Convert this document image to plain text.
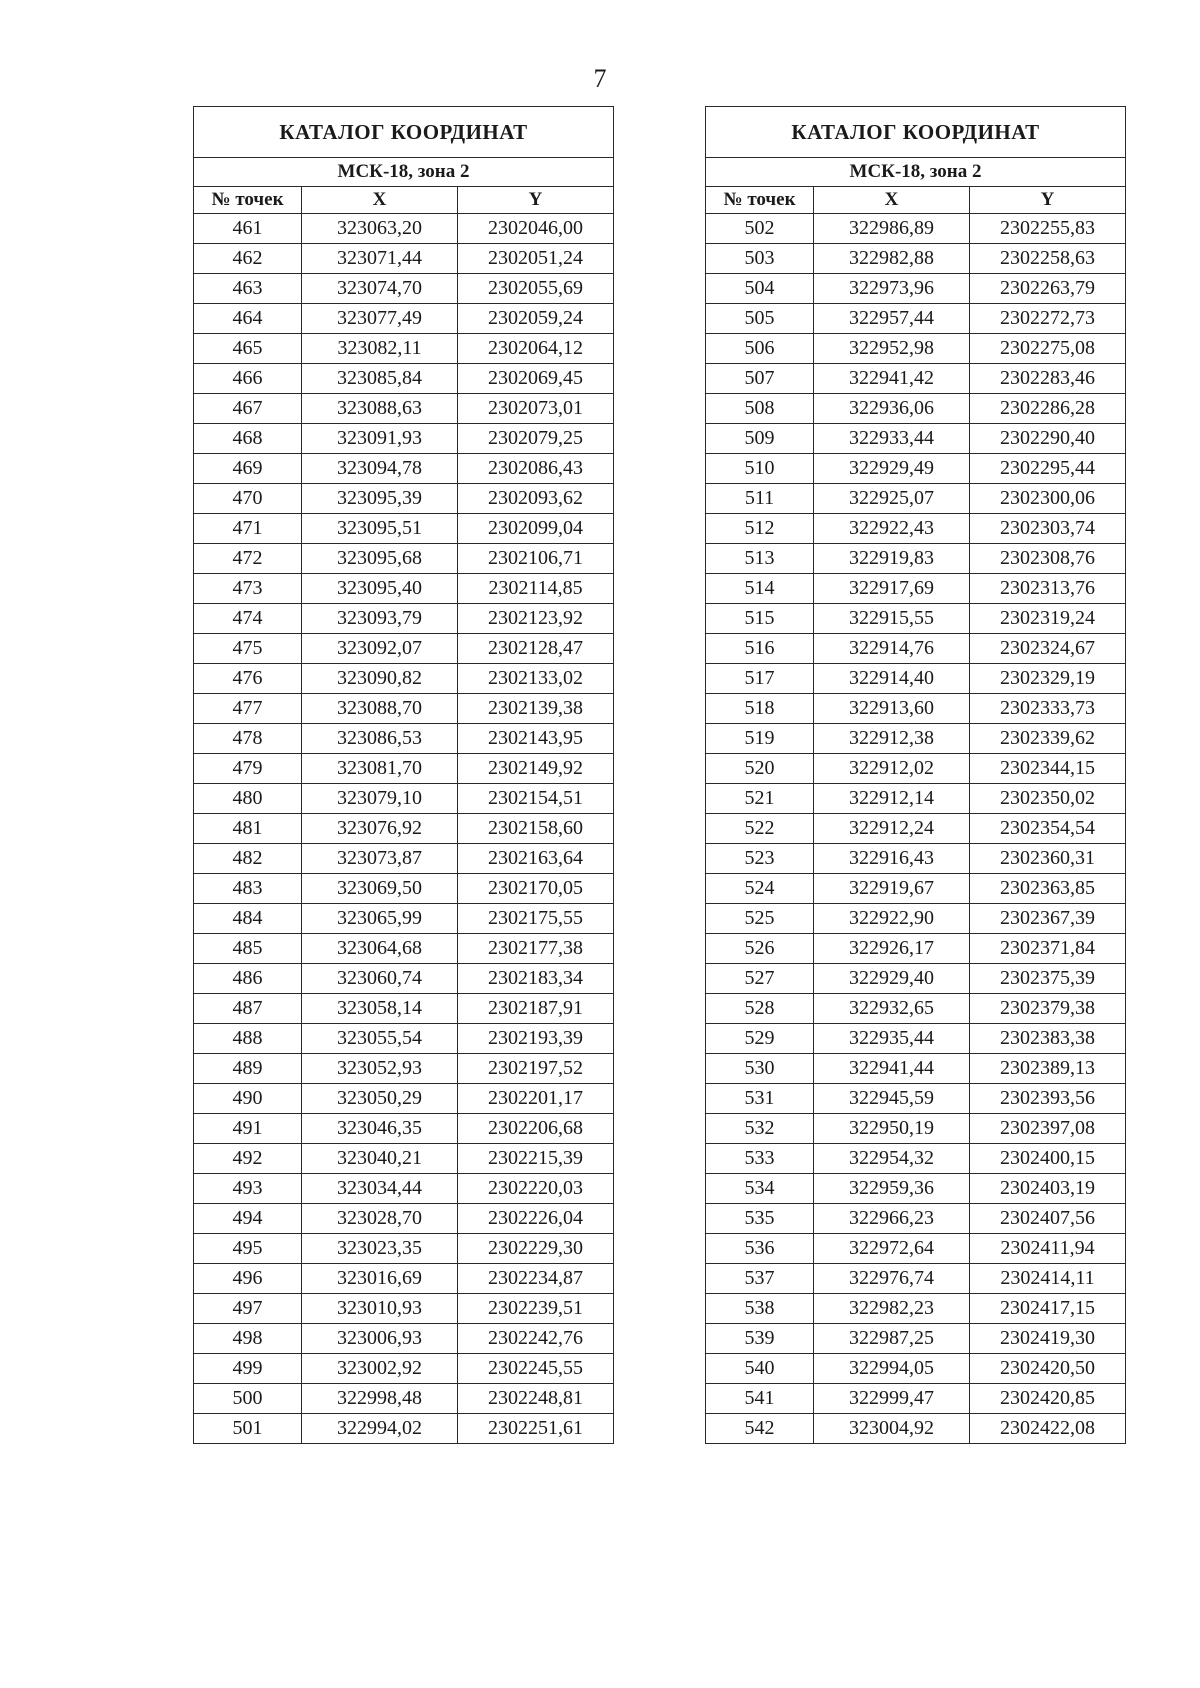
7
КАТАЛОГ КООРДИНАТ		
МСК-18, зона 2		
№ точек	X	Y
461	323063,20	2302046,00
462	323071,44	2302051,24
463	323074,70	2302055,69
464	323077,49	2302059,24
465	323082,11	2302064,12
466	323085,84	2302069,45
467	323088,63	2302073,01
468	323091,93	2302079,25
469	323094,78	2302086,43
470	323095,39	2302093,62
471	323095,51	2302099,04
472	323095,68	2302106,71
473	323095,40	2302114,85
474	323093,79	2302123,92
475	323092,07	2302128,47
476	323090,82	2302133,02
477	323088,70	2302139,38
478	323086,53	2302143,95
479	323081,70	2302149,92
480	323079,10	2302154,51
481	323076,92	2302158,60
482	323073,87	2302163,64
483	323069,50	2302170,05
484	323065,99	2302175,55
485	323064,68	2302177,38
486	323060,74	2302183,34
487	323058,14	2302187,91
488	323055,54	2302193,39
489	323052,93	2302197,52
490	323050,29	2302201,17
491	323046,35	2302206,68
492	323040,21	2302215,39
493	323034,44	2302220,03
494	323028,70	2302226,04
495	323023,35	2302229,30
496	323016,69	2302234,87
497	323010,93	2302239,51
498	323006,93	2302242,76
499	323002,92	2302245,55
500	322998,48	2302248,81
501	322994,02	2302251,61
КАТАЛОГ КООРДИНАТ		
МСК-18, зона 2		
№ точек	X	Y
502	322986,89	2302255,83
503	322982,88	2302258,63
504	322973,96	2302263,79
505	322957,44	2302272,73
506	322952,98	2302275,08
507	322941,42	2302283,46
508	322936,06	2302286,28
509	322933,44	2302290,40
510	322929,49	2302295,44
511	322925,07	2302300,06
512	322922,43	2302303,74
513	322919,83	2302308,76
514	322917,69	2302313,76
515	322915,55	2302319,24
516	322914,76	2302324,67
517	322914,40	2302329,19
518	322913,60	2302333,73
519	322912,38	2302339,62
520	322912,02	2302344,15
521	322912,14	2302350,02
522	322912,24	2302354,54
523	322916,43	2302360,31
524	322919,67	2302363,85
525	322922,90	2302367,39
526	322926,17	2302371,84
527	322929,40	2302375,39
528	322932,65	2302379,38
529	322935,44	2302383,38
530	322941,44	2302389,13
531	322945,59	2302393,56
532	322950,19	2302397,08
533	322954,32	2302400,15
534	322959,36	2302403,19
535	322966,23	2302407,56
536	322972,64	2302411,94
537	322976,74	2302414,11
538	322982,23	2302417,15
539	322987,25	2302419,30
540	322994,05	2302420,50
541	322999,47	2302420,85
542	323004,92	2302422,08
